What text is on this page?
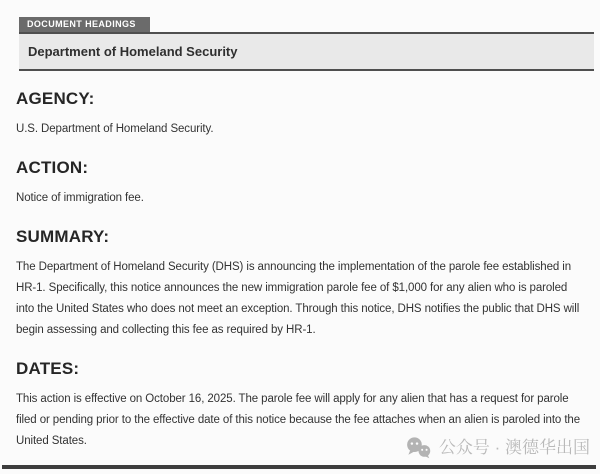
DOCUMENT HEADINGS
Department of Homeland Security
AGENCY:

U.S. Department of Homeland Security.

ACTION:

Notice of immigration fee.

SUMMARY:

The Department of Homeland Security (DHS) is announcing the implementation of the parole fee established in HR-1. Specifically, this notice announces the new immigration parole fee of $1,000 for any alien who is paroled into the United States who does not meet an exception. Through this notice, DHS notifies the public that DHS will begin assessing and collecting this fee as required by HR-1.

DATES:

This action is effective on October 16, 2025. The parole fee will apply for any alien that has a request for parole filed or pending prior to the effective date of this notice because the fee attaches when an alien is paroled into the United States.	公众号 · 澳德华出国
